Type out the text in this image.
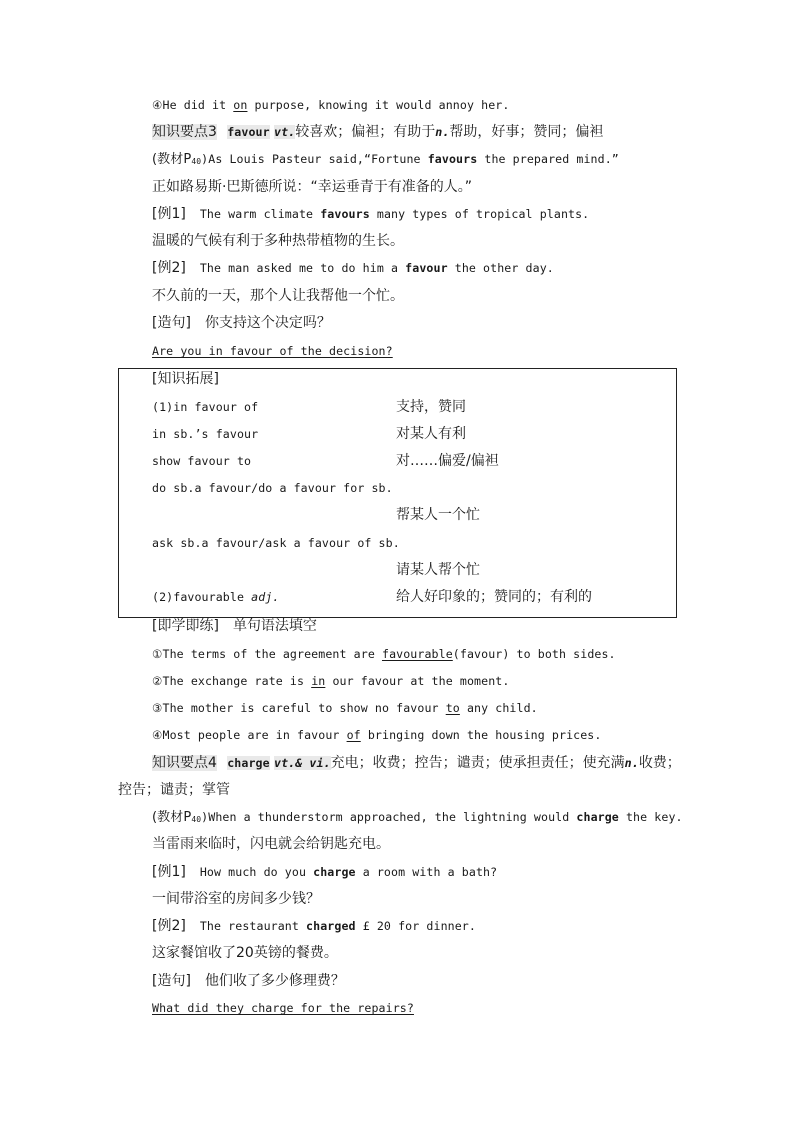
④He did it on purpose, knowing it would annoy her.
知识要点3 favour vt.较喜欢；偏袒；有助于n.帮助，好事；赞同；偏袒
(教材$P_{40})As$ Louis Pasteur said,“Fortune favours the prepared mind.”
正如路易斯·巴斯德所说：“幸运垂青于有准备的人。”
[例1] The warm climate favours many types of tropical plants.
温暖的气候有利于多种热带植物的生长。
[例2] The man asked me to do him a favour the other day.
不久前的一天，那个人让我帮他一个忙。
[造句] 你支持这个决定吗？
Are you in favour of the decision?
[知识拓展]
(1)in favour of	支持，赞同
in sb.’s favour	对某人有利
show favour to	对……偏爱/偏袒
do sb.a favour/do a favour for sb.
帮某人一个忙
ask sb.a favour/ask a favour of sb.
请某人帮个忙
(2)favourable adj.	给人好印象的；赞同的；有利的
[即学即练] 单句语法填空
①The terms of the agreement are favourable(favour) to both sides.
②The exchange rate is in our favour at the moment.
③The mother is careful to show no favour to any child.
④Most people are in favour of bringing down the housing prices.
知识要点4 charge vt.& vi.充电；收费；控告；谴责；使承担责任；使充满n.收费；
控告；谴责；掌管
(教材$P_{40})When$ a thunderstorm approached, the lightning would charge the key.
当雷雨来临时，闪电就会给钥匙充电。
[例1] How much do you charge a room with a bath?
一间带浴室的房间多少钱？
[例2] The restaurant charged £ 20 for dinner.
这家餐馆收了20英镑的餐费。
[造句] 他们收了多少修理费？
What did they charge for the repairs?
